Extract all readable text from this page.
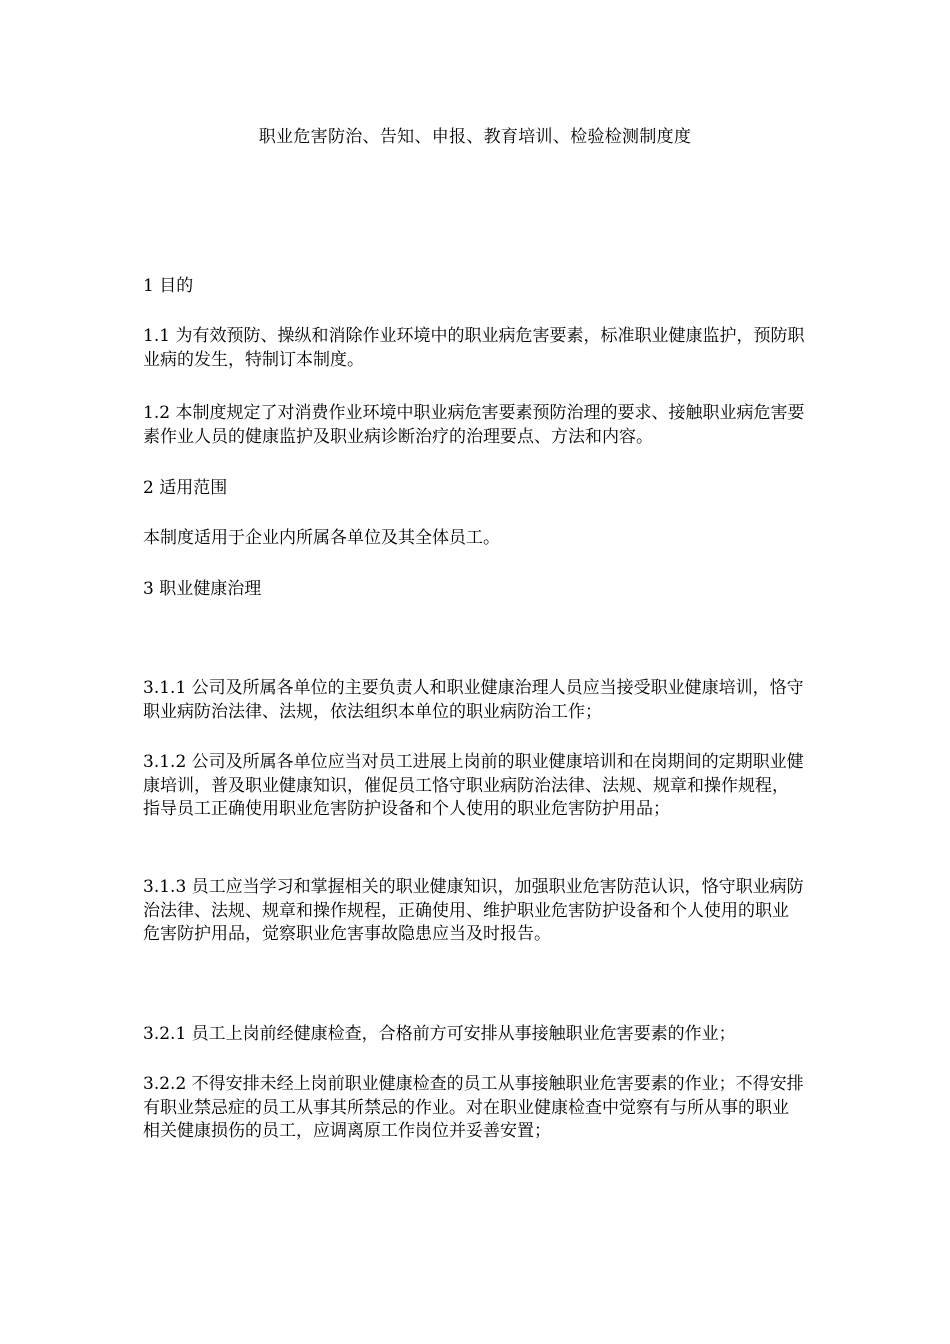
职业危害防治、告知、申报、教育培训、检验检测制度度

1 目的

1.1 为有效预防、操纵和消除作业环境中的职业病危害要素，标准职业健康监护，预防职业病的发生，特制订本制度。

1.2 本制度规定了对消费作业环境中职业病危害要素预防治理的要求、接触职业病危害要素作业人员的健康监护及职业病诊断治疗的治理要点、方法和内容。

2 适用范围

本制度适用于企业内所属各单位及其全体员工。

3 职业健康治理

3.1.1 公司及所属各单位的主要负责人和职业健康治理人员应当接受职业健康培训，恪守职业病防治法律、法规，依法组织本单位的职业病防治工作；

3.1.2 公司及所属各单位应当对员工进展上岗前的职业健康培训和在岗期间的定期职业健康培训，普及职业健康知识，催促员工恪守职业病防治法律、法规、规章和操作规程，指导员工正确使用职业危害防护设备和个人使用的职业危害防护用品；

3.1.3 员工应当学习和掌握相关的职业健康知识，加强职业危害防范认识，恪守职业病防治法律、法规、规章和操作规程，正确使用、维护职业危害防护设备和个人使用的职业危害防护用品，觉察职业危害事故隐患应当及时报告。

3.2.1 员工上岗前经健康检查，合格前方可安排从事接触职业危害要素的作业；

3.2.2 不得安排未经上岗前职业健康检查的员工从事接触职业危害要素的作业；不得安排有职业禁忌症的员工从事其所禁忌的作业。对在职业健康检查中觉察有与所从事的职业相关健康损伤的员工，应调离原工作岗位并妥善安置；
